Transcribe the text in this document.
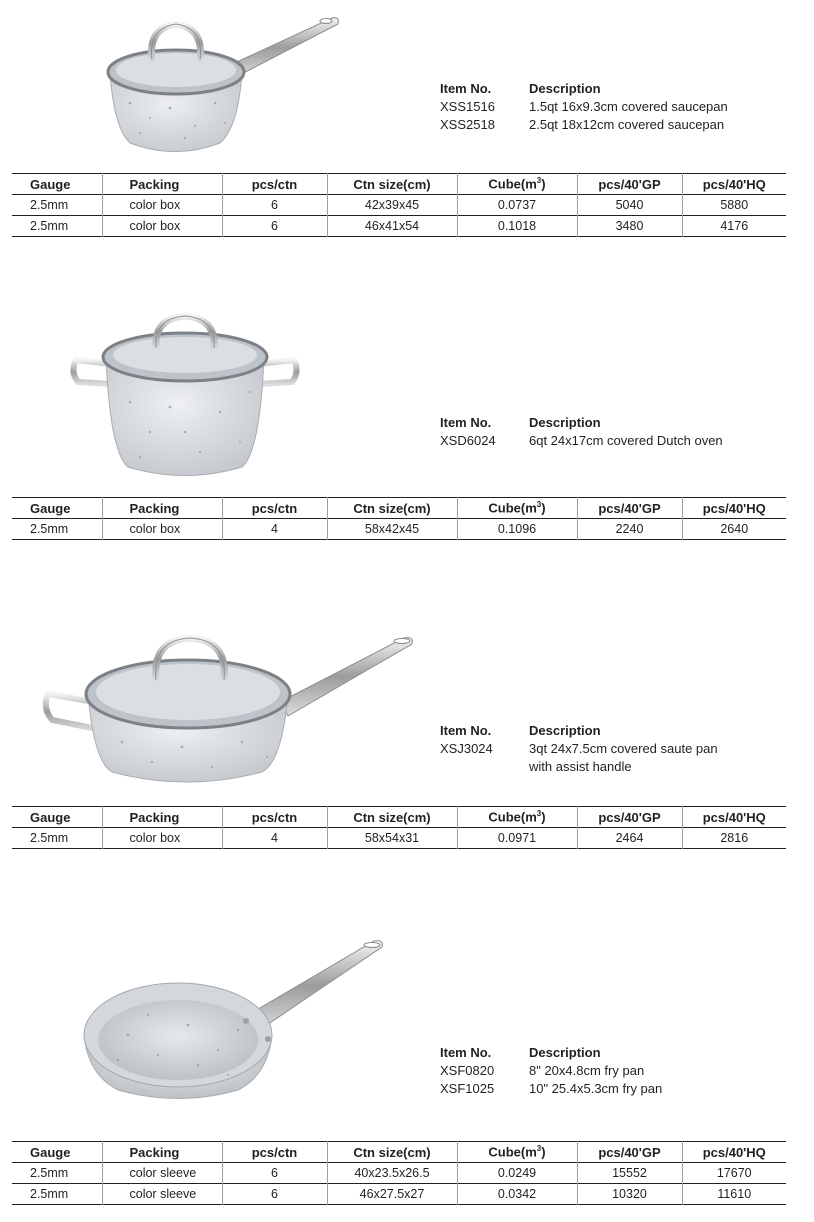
Item No.	Description
XSS1516	1.5qt 16x9.3cm covered saucepan
XSS2518	2.5qt 18x12cm covered saucepan
Gauge	Packing	pcs/ctn	Ctn size(cm)	$Cube(m^3)$	pcs/40'GP	pcs/40'HQ
2.5mm	color box	6	42x39x45	0.0737	5040	5880
2.5mm	color box	6	46x41x54	0.1018	3480	4176
Item No.	Description
XSD6024	6qt 24x17cm covered Dutch oven
Gauge	Packing	pcs/ctn	Ctn size(cm)	$Cube(m^3)$	pcs/40'GP	pcs/40'HQ
2.5mm	color box	4	58x42x45	0.1096	2240	2640
Item No.	Description
XSJ3024	3qt 24x7.5cm covered saute pan
with assist handle
Gauge	Packing	pcs/ctn	Ctn size(cm)	$Cube(m^3)$	pcs/40'GP	pcs/40'HQ
2.5mm	color box	4	58x54x31	0.0971	2464	2816
Item No.	Description
XSF0820	8" 20x4.8cm fry pan
XSF1025	10" 25.4x5.3cm fry pan
Gauge	Packing	pcs/ctn	Ctn size(cm)	$Cube(m^3)$	pcs/40'GP	pcs/40'HQ
2.5mm	color sleeve	6	40x23.5x26.5	0.0249	15552	17670
2.5mm	color sleeve	6	46x27.5x27	0.0342	10320	11610
